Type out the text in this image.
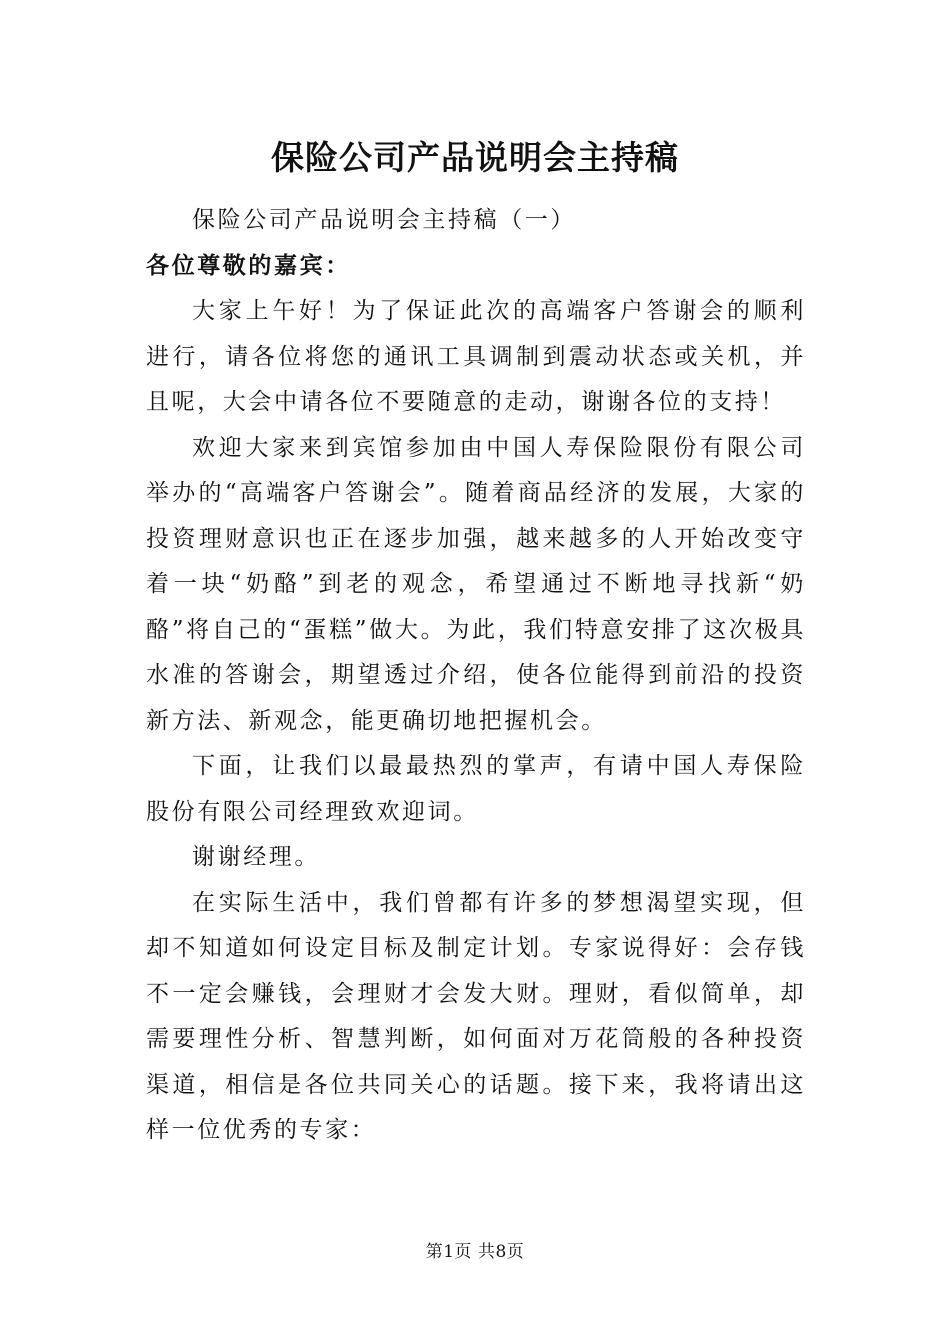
保险公司产品说明会主持稿

保险公司产品说明会主持稿（一）

各位尊敬的嘉宾：

大家上午好！为了保证此次的高端客户答谢会的顺利进行，请各位将您的通讯工具调制到震动状态或关机，并且呢，大会中请各位不要随意的走动，谢谢各位的支持！

欢迎大家来到宾馆参加由中国人寿保险限份有限公司举办的“高端客户答谢会”。随着商品经济的发展，大家的投资理财意识也正在逐步加强，越来越多的人开始改变守着一块“奶酪”到老的观念，希望通过不断地寻找新“奶酪”将自己的“蛋糕”做大。为此，我们特意安排了这次极具水准的答谢会，期望透过介绍，使各位能得到前沿的投资新方法、新观念，能更确切地把握机会。

下面，让我们以最最热烈的掌声，有请中国人寿保险股份有限公司经理致欢迎词。

谢谢经理。

在实际生活中，我们曾都有许多的梦想渴望实现，但却不知道如何设定目标及制定计划。专家说得好：会存钱不一定会赚钱，会理财才会发大财。理财，看似简单，却需要理性分析、智慧判断，如何面对万花筒般的各种投资渠道，相信是各位共同关心的话题。接下来，我将请出这样一位优秀的专家：

第1页 共8页
